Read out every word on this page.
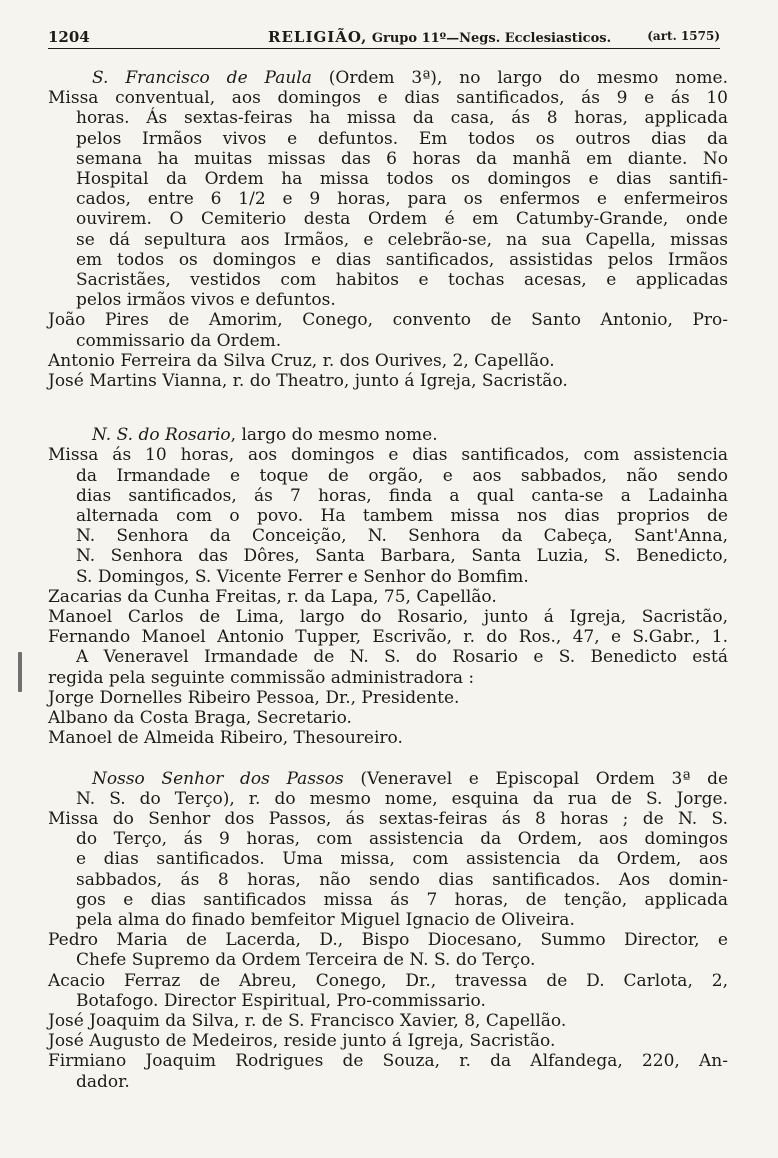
1204	RELIGIÃO, Grupo 11º—Negs. Ecclesiasticos.	(art. 1575)
S. Francisco de Paula (Ordem 3ª), no largo do mesmo nome.
Missa conventual, aos domingos e dias santificados, ás 9 e ás 10
horas. Ás sextas-feiras ha missa da casa, ás 8 horas, applicada
pelos Irmãos vivos e defuntos. Em todos os outros dias da
semana ha muitas missas das 6 horas da manhã em diante. No
Hospital da Ordem ha missa todos os domingos e dias santifi-
cados, entre 6 1/2 e 9 horas, para os enfermos e enfermeiros
ouvirem. O Cemiterio desta Ordem é em Catumby-Grande, onde
se dá sepultura aos Irmãos, e celebrão-se, na sua Capella, missas
em todos os domingos e dias santificados, assistidas pelos Irmãos
Sacristães, vestidos com habitos e tochas acesas, e applicadas
pelos irmãos vivos e defuntos.
João Pires de Amorim, Conego, convento de Santo Antonio, Pro-
commissario da Ordem.
Antonio Ferreira da Silva Cruz, r. dos Ourives, 2, Capellão.
José Martins Vianna, r. do Theatro, junto á Igreja, Sacristão.
N. S. do Rosario, largo do mesmo nome.
Missa ás 10 horas, aos domingos e dias santificados, com assistencia
da Irmandade e toque de orgão, e aos sabbados, não sendo
dias santificados, ás 7 horas, finda a qual canta-se a Ladainha
alternada com o povo. Ha tambem missa nos dias proprios de
N. Senhora da Conceição, N. Senhora da Cabeça, Sant'Anna,
N. Senhora das Dôres, Santa Barbara, Santa Luzia, S. Benedicto,
S. Domingos, S. Vicente Ferrer e Senhor do Bomfim.
Zacarias da Cunha Freitas, r. da Lapa, 75, Capellão.
Manoel Carlos de Lima, largo do Rosario, junto á Igreja, Sacristão,
Fernando Manoel Antonio Tupper, Escrivão, r. do Ros., 47, e S.Gabr., 1.
A Veneravel Irmandade de N. S. do Rosario e S. Benedicto está
regida pela seguinte commissão administradora :
Jorge Dornelles Ribeiro Pessoa, Dr., Presidente.
Albano da Costa Braga, Secretario.
Manoel de Almeida Ribeiro, Thesoureiro.
Nosso Senhor dos Passos (Veneravel e Episcopal Ordem 3ª de
N. S. do Terço), r. do mesmo nome, esquina da rua de S. Jorge.
Missa do Senhor dos Passos, ás sextas-feiras ás 8 horas ; de N. S.
do Terço, ás 9 horas, com assistencia da Ordem, aos domingos
e dias santificados. Uma missa, com assistencia da Ordem, aos
sabbados, ás 8 horas, não sendo dias santificados. Aos domin-
gos e dias santificados missa ás 7 horas, de tenção, applicada
pela alma do finado bemfeitor Miguel Ignacio de Oliveira.
Pedro Maria de Lacerda, D., Bispo Diocesano, Summo Director, e
Chefe Supremo da Ordem Terceira de N. S. do Terço.
Acacio Ferraz de Abreu, Conego, Dr., travessa de D. Carlota, 2,
Botafogo. Director Espiritual, Pro-commissario.
José Joaquim da Silva, r. de S. Francisco Xavier, 8, Capellão.
José Augusto de Medeiros, reside junto á Igreja, Sacristão.
Firmiano Joaquim Rodrigues de Souza, r. da Alfandega, 220, An-
dador.
